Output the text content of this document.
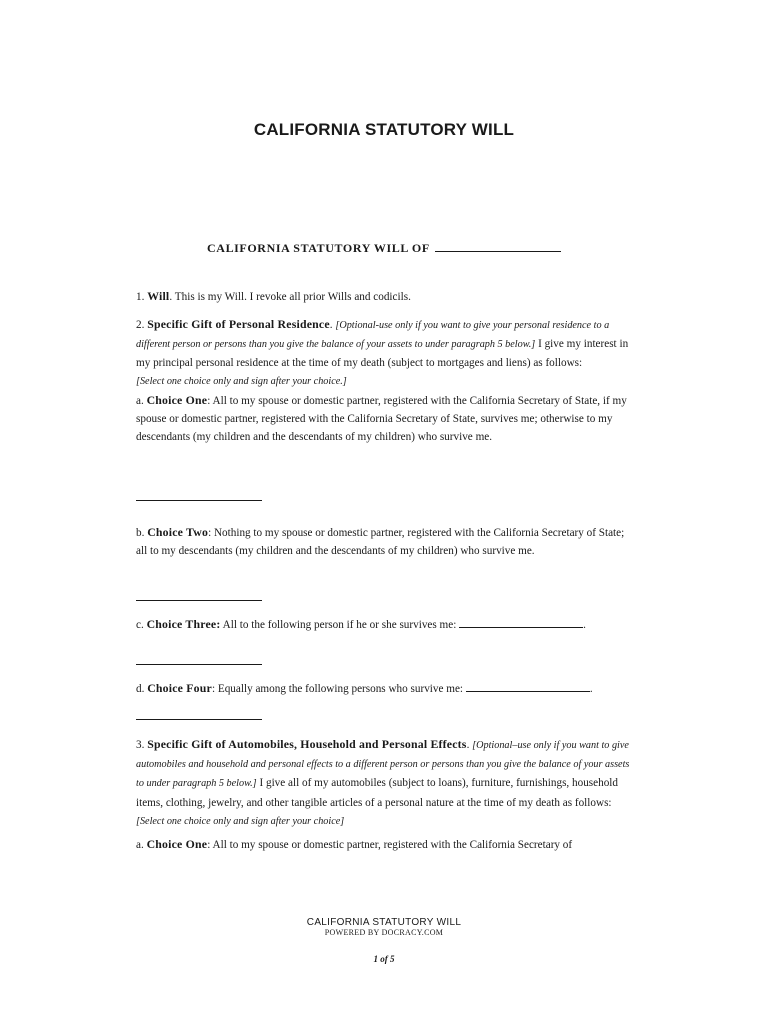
CALIFORNIA STATUTORY WILL

CALIFORNIA STATUTORY WILL OF

1. Will. This is my Will. I revoke all prior Wills and codicils.

2. Specific Gift of Personal Residence. [Optional-use only if you want to give your personal residence to a different person or persons than you give the balance of your assets to under paragraph 5 below.] I give my interest in my principal personal residence at the time of my death (subject to mortgages and liens) as follows:

[Select one choice only and sign after your choice.]

a. Choice One: All to my spouse or domestic partner, registered with the California Secretary of State, if my spouse or domestic partner, registered with the California Secretary of State, survives me; otherwise to my descendants (my children and the descendants of my children) who survive me.

b. Choice Two: Nothing to my spouse or domestic partner, registered with the California Secretary of State; all to my descendants (my children and the descendants of my children) who survive me.

c. Choice Three: All to the following person if he or she survives me:	.

d. Choice Four: Equally among the following persons who survive me:	.

3. Specific Gift of Automobiles, Household and Personal Effects. [Optional–use only if you want to give automobiles and household and personal effects to a different person or persons than you give the balance of your assets to under paragraph 5 below.] I give all of my automobiles (subject to loans), furniture, furnishings, household items, clothing, jewelry, and other tangible articles of a personal nature at the time of my death as follows: [Select one choice only and sign after your choice]

a. Choice One: All to my spouse or domestic partner, registered with the California Secretary of

CALIFORNIA STATUTORY WILL

POWERED BY DOCRACY.COM

1 of 5
